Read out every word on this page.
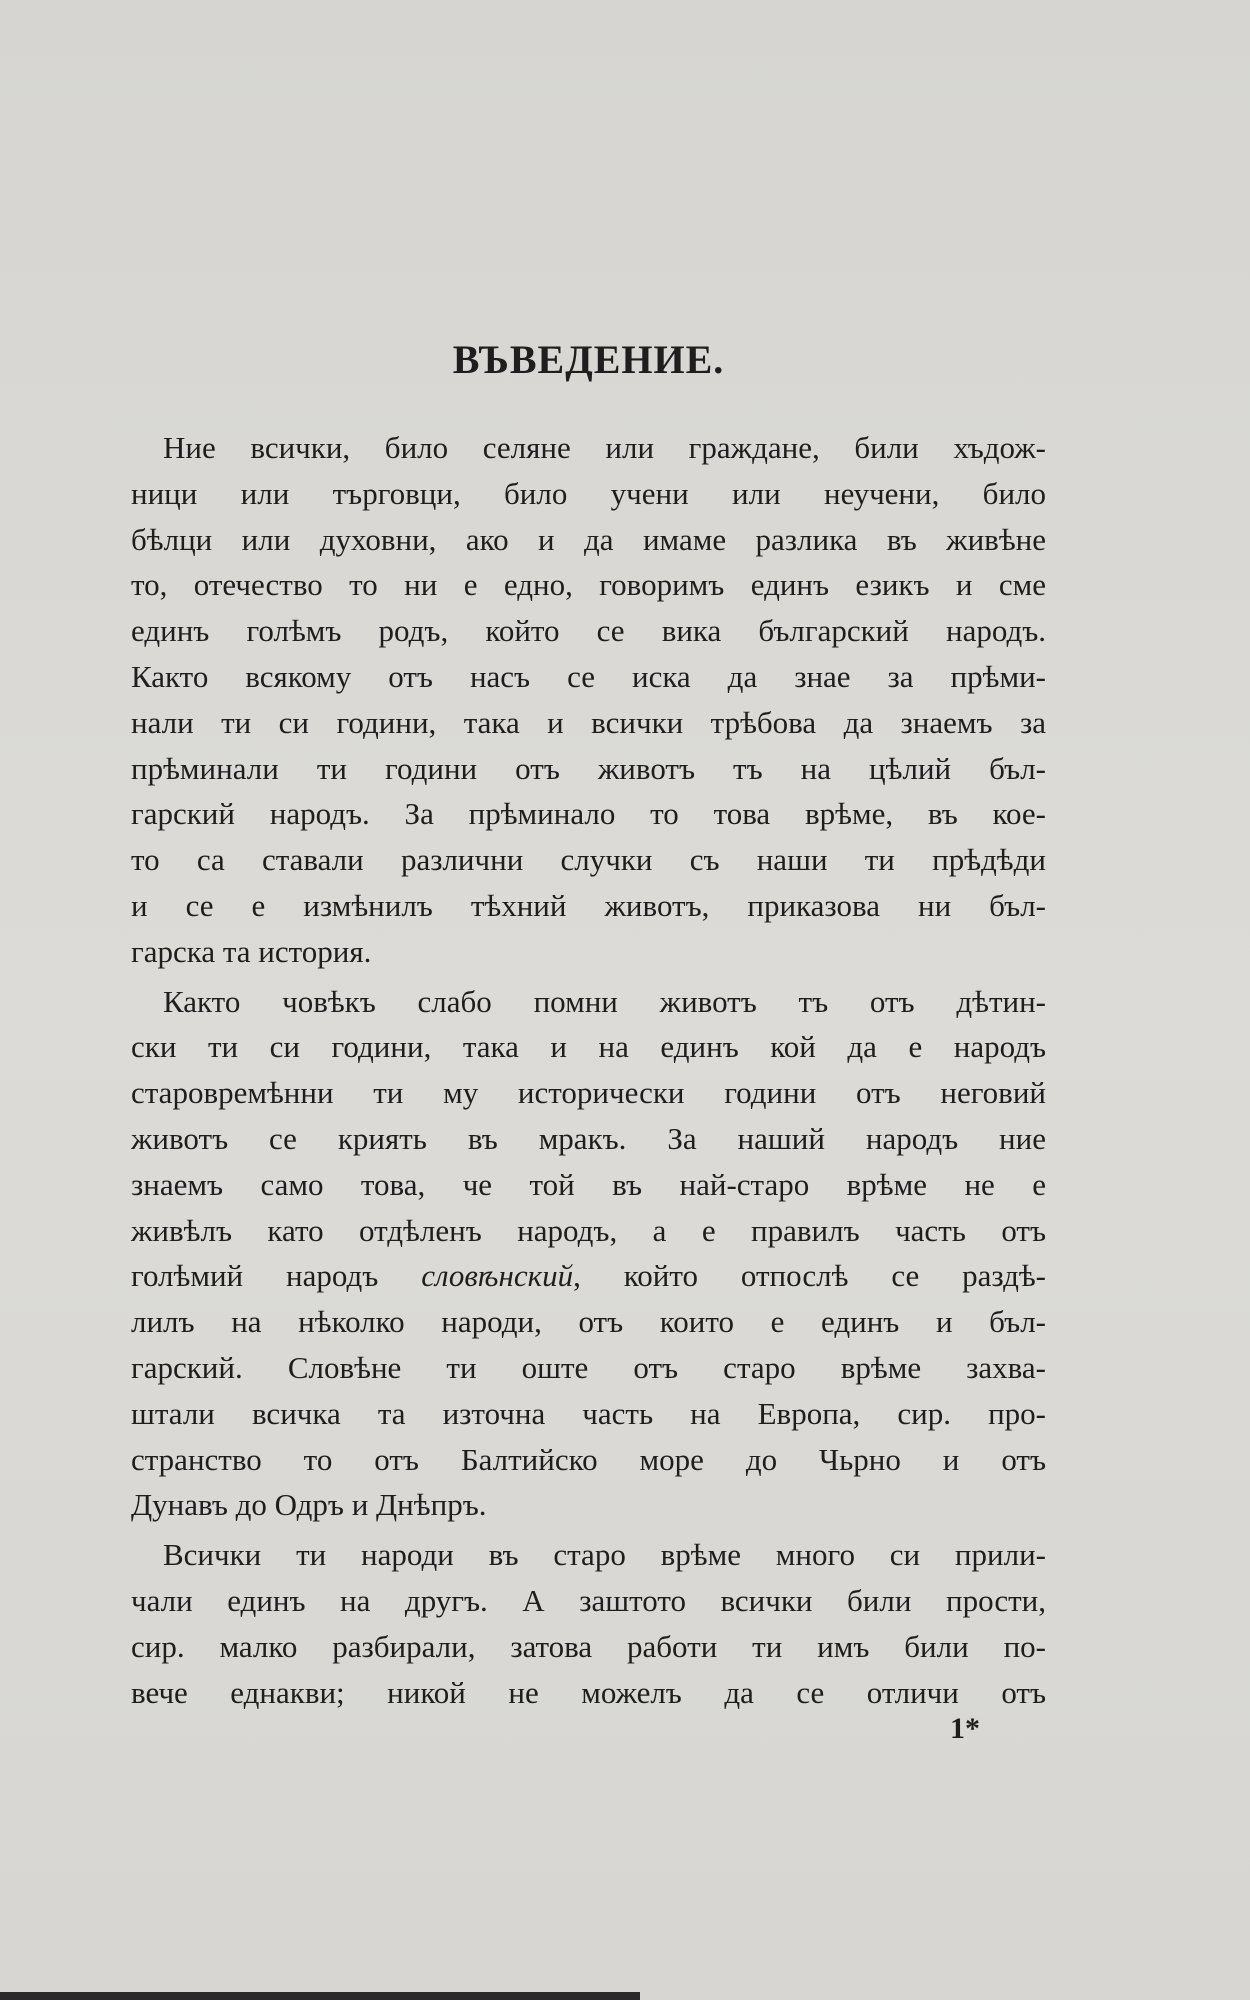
ВЪВЕДЕНИЕ.
Ние всички, било селяне или граждане, били хъдож-
ници или търговци, било учени или неучени, било
бѣлци или духовни, ако и да имаме разлика въ живѣне
то, отечество то ни е едно, говоримъ единъ езикъ и сме
единъ голѣмъ родъ, който се вика българский народъ.
Както всякому отъ насъ се иска да знае за прѣми-
нали ти си години, така и всички трѣбова да знаемъ за
прѣминали ти години отъ животъ тъ на цѣлий бъл-
гарский народъ. За прѣминало то това врѣме, въ кое-
то са ставали различни случки съ наши ти прѣдѣди
и се е измѣнилъ тѣхний животъ, приказова ни бъл-
гарска та история.
Както човѣкъ слабо помни животъ тъ отъ дѣтин-
ски ти си години, така и на единъ кой да е народъ
старовремѣнни ти му исторически години отъ неговий
животъ се криять въ мракъ. За наший народъ ние
знаемъ само това, че той въ най-старо врѣме не е
живѣлъ като отдѣленъ народъ, а е правилъ часть отъ
голѣмий народъ словѣнский, който отпослѣ се раздѣ-
лилъ на нѣколко народи, отъ които е единъ и бъл-
гарский. Словѣне ти оште отъ старо врѣме захва-
штали всичка та източна часть на Европа, сир. про-
странство то отъ Балтийско море до Чьрно и отъ
Дунавъ до Одръ и Днѣпръ.
Всички ти народи въ старо врѣме много си прили-
чали единъ на другъ. А заштото всички били прости,
сир. малко разбирали, затова работи ти имъ били по-
вече еднакви; никой не можелъ да се отличи отъ
1*
